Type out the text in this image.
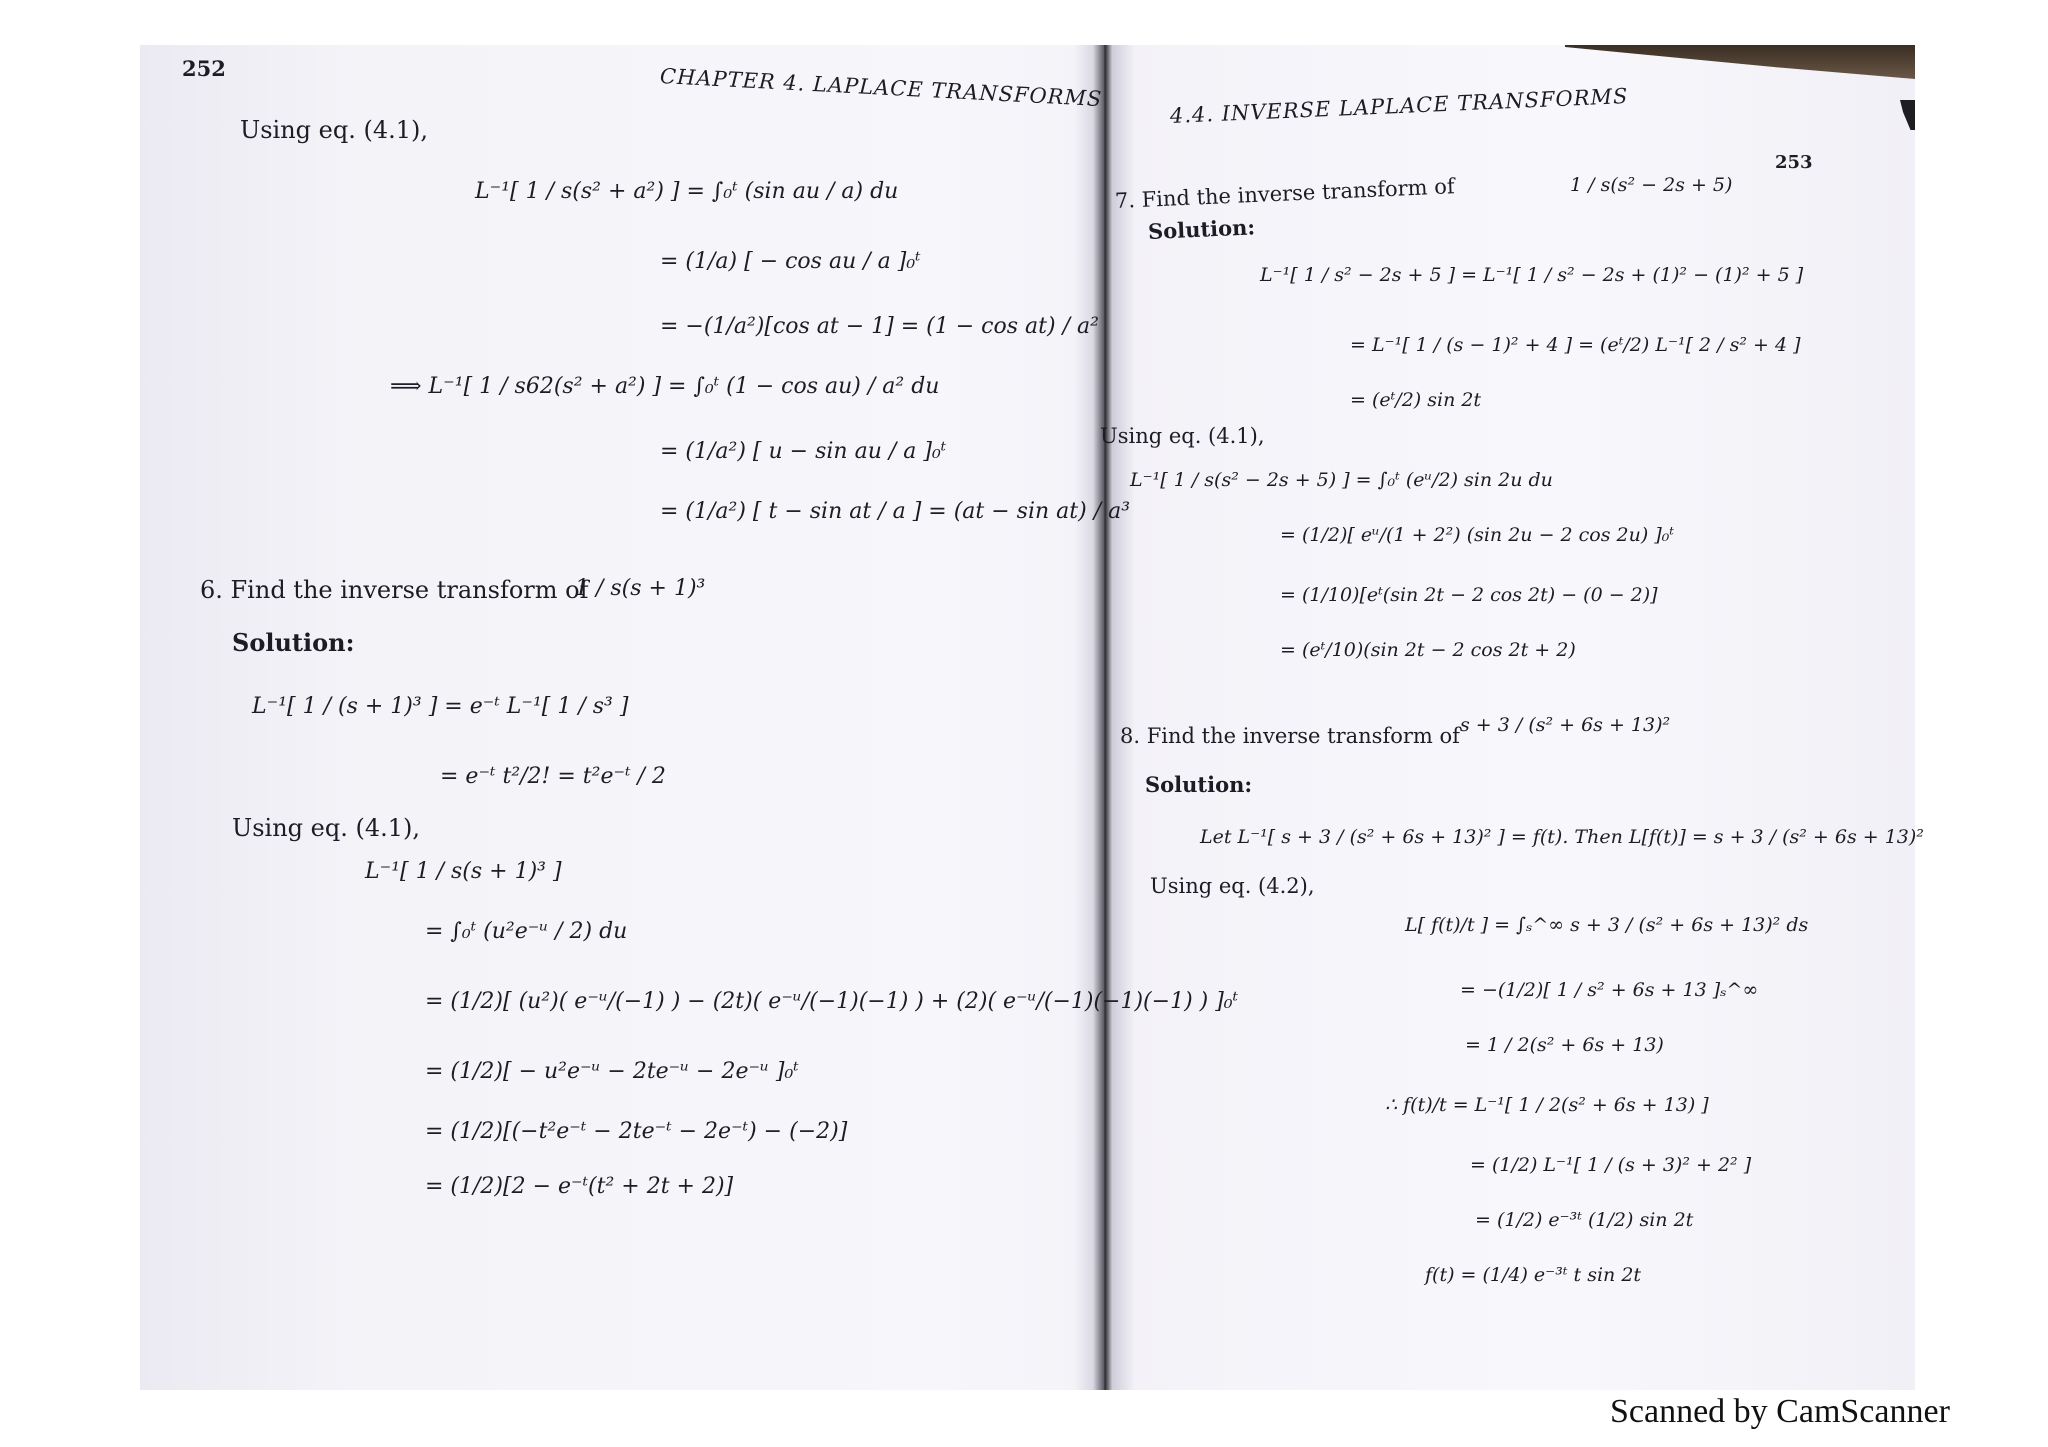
252	CHAPTER 4. LAPLACE TRANSFORMS
Using eq. (4.1),
L⁻¹[ 1 / s(s² + a²) ] = ∫₀ᵗ (sin au / a) du
= (1/a) [ − cos au / a ]₀ᵗ
= −(1/a²)[cos at − 1] = (1 − cos at) / a²
⟹ L⁻¹[ 1 / s62(s² + a²) ] = ∫₀ᵗ (1 − cos au) / a² du
= (1/a²) [ u − sin au / a ]₀ᵗ
= (1/a²) [ t − sin at / a ] = (at − sin at) / a³
6. Find the inverse transform of
1 / s(s + 1)³
Solution:
L⁻¹[ 1 / (s + 1)³ ] = e⁻ᵗ L⁻¹[ 1 / s³ ]
= e⁻ᵗ t²/2! = t²e⁻ᵗ / 2
Using eq. (4.1),
L⁻¹[ 1 / s(s + 1)³ ]
= ∫₀ᵗ (u²e⁻ᵘ / 2) du
= (1/2)[ (u²)( e⁻ᵘ/(−1) ) − (2t)( e⁻ᵘ/(−1)(−1) ) + (2)( e⁻ᵘ/(−1)(−1)(−1) ) ]₀ᵗ
= (1/2)[ − u²e⁻ᵘ − 2te⁻ᵘ − 2e⁻ᵘ ]₀ᵗ
= (1/2)[(−t²e⁻ᵗ − 2te⁻ᵗ − 2e⁻ᵗ) − (−2)]
= (1/2)[2 − e⁻ᵗ(t² + 2t + 2)]
4.4. INVERSE LAPLACE TRANSFORMS
253
7. Find the inverse transform of	1 / s(s² − 2s + 5)
Solution:
L⁻¹[ 1 / s² − 2s + 5 ] = L⁻¹[ 1 / s² − 2s + (1)² − (1)² + 5 ]
= L⁻¹[ 1 / (s − 1)² + 4 ] = (eᵗ/2) L⁻¹[ 2 / s² + 4 ]
= (eᵗ/2) sin 2t
Using eq. (4.1),
L⁻¹[ 1 / s(s² − 2s + 5) ] = ∫₀ᵗ (eᵘ/2) sin 2u du
= (1/2)[ eᵘ/(1 + 2²) (sin 2u − 2 cos 2u) ]₀ᵗ
= (1/10)[eᵗ(sin 2t − 2 cos 2t) − (0 − 2)]
= (eᵗ/10)(sin 2t − 2 cos 2t + 2)
8. Find the inverse transform of s + 3 / (s² + 6s + 13)²
Solution:
Let L⁻¹[ s + 3 / (s² + 6s + 13)² ] = f(t). Then L[f(t)] = s + 3 / (s² + 6s + 13)²
Using eq. (4.2),
L[ f(t)/t ] = ∫ₛ^∞ s + 3 / (s² + 6s + 13)² ds
= −(1/2)[ 1 / s² + 6s + 13 ]ₛ^∞
= 1 / 2(s² + 6s + 13)
∴ f(t)/t = L⁻¹[ 1 / 2(s² + 6s + 13) ]
= (1/2) L⁻¹[ 1 / (s + 3)² + 2² ]
= (1/2) e⁻³ᵗ (1/2) sin 2t
f(t) = (1/4) e⁻³ᵗ t sin 2t
Scanned by CamScanner
